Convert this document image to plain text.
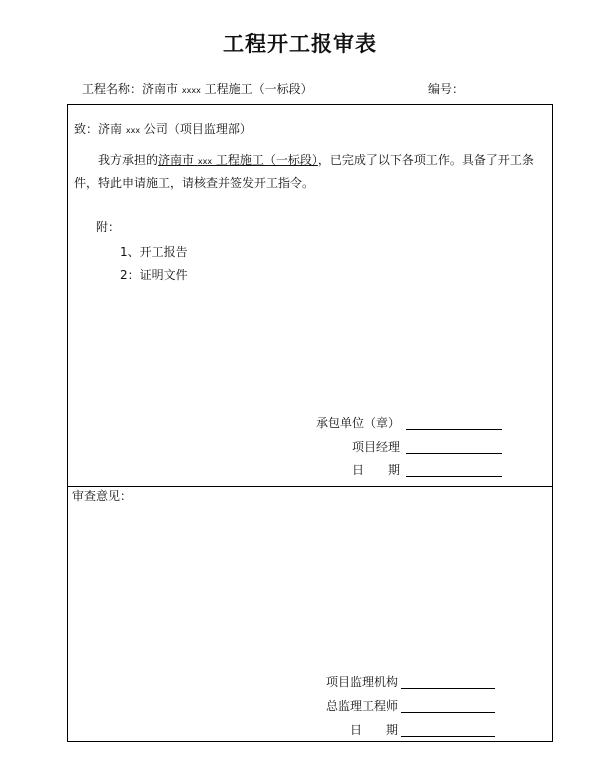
工程开工报审表
工程名称：济南市 xxxx 工程施工（一标段）	编号：
致：济南 xxx 公司（项目监理部）
我方承担的济南市 xxx 工程施工（一标段），已完成了以下各项工作。具备了开工条
件，特此申请施工，请核查并签发开工指令。
附：
1、开工报告
2：证明文件
承包单位（章）
项目经理
日　　期
审查意见：
项目监理机构
总监理工程师
日　　期
